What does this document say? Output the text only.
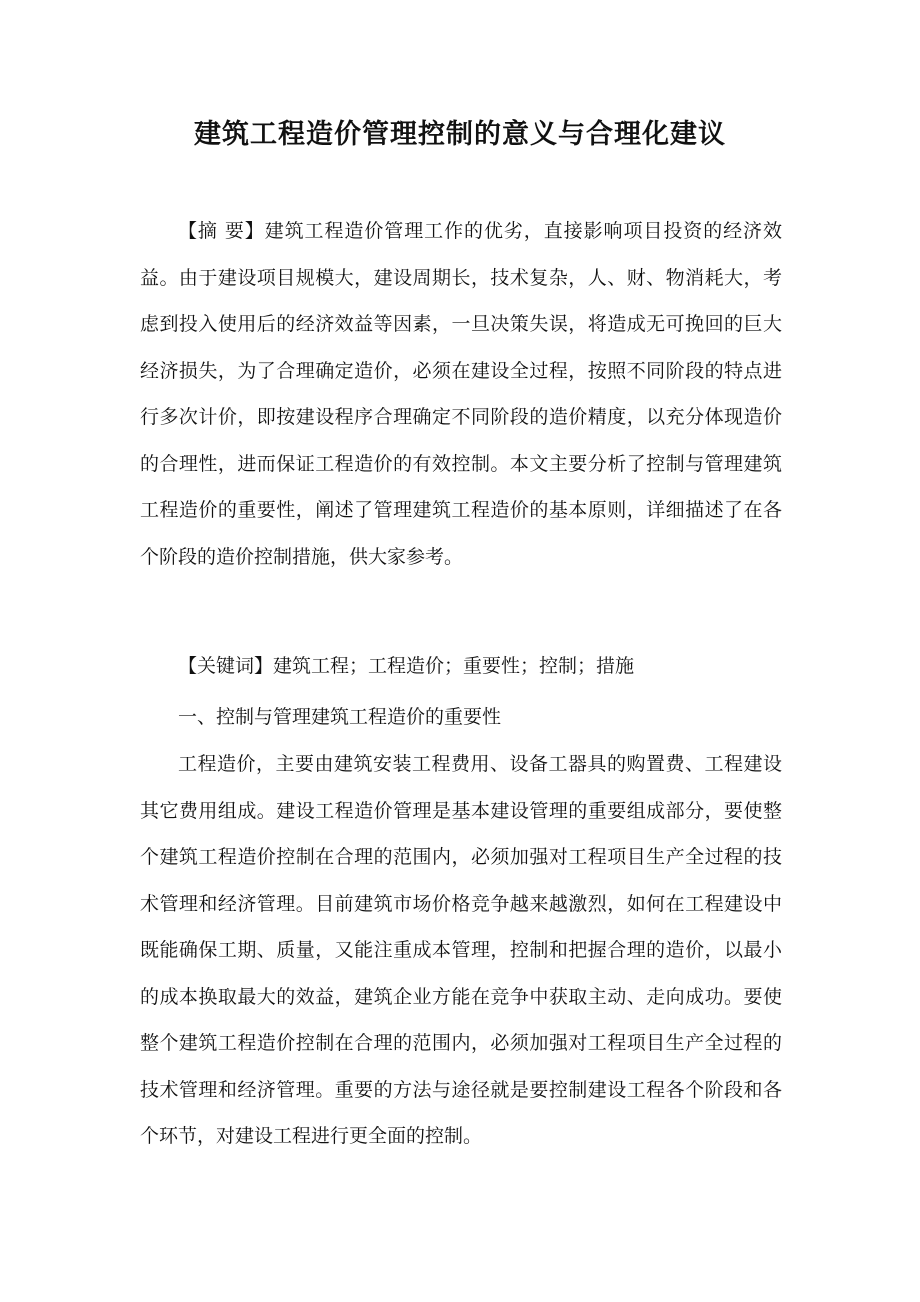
建筑工程造价管理控制的意义与合理化建议

【摘 要】建筑工程造价管理工作的优劣，直接影响项目投资的经济效益。由于建设项目规模大，建设周期长，技术复杂，人、财、物消耗大，考虑到投入使用后的经济效益等因素，一旦决策失误，将造成无可挽回的巨大经济损失，为了合理确定造价，必须在建设全过程，按照不同阶段的特点进行多次计价，即按建设程序合理确定不同阶段的造价精度，以充分体现造价的合理性，进而保证工程造价的有效控制。本文主要分析了控制与管理建筑工程造价的重要性，阐述了管理建筑工程造价的基本原则，详细描述了在各个阶段的造价控制措施，供大家参考。

【关键词】建筑工程；工程造价；重要性；控制；措施

一、控制与管理建筑工程造价的重要性

工程造价，主要由建筑安装工程费用、设备工器具的购置费、工程建设其它费用组成。建设工程造价管理是基本建设管理的重要组成部分，要使整个建筑工程造价控制在合理的范围内，必须加强对工程项目生产全过程的技术管理和经济管理。目前建筑市场价格竞争越来越激烈，如何在工程建设中既能确保工期、质量，又能注重成本管理，控制和把握合理的造价，以最小的成本换取最大的效益，建筑企业方能在竞争中获取主动、走向成功。要使整个建筑工程造价控制在合理的范围内，必须加强对工程项目生产全过程的技术管理和经济管理。重要的方法与途径就是要控制建设工程各个阶段和各个环节，对建设工程进行更全面的控制。
